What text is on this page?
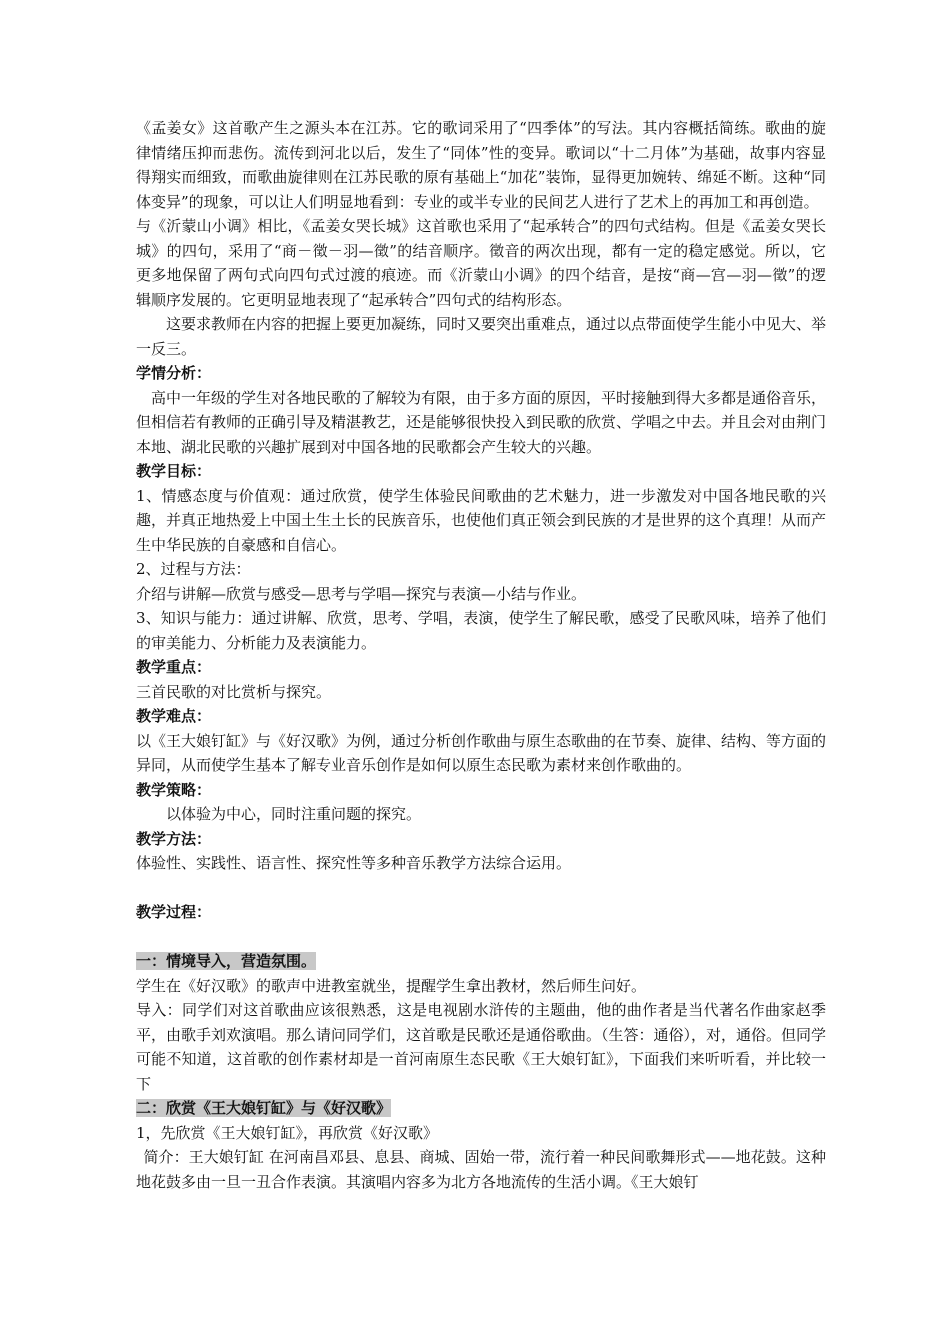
《孟姜女》这首歌产生之源头本在江苏。它的歌词采用了“四季体”的写法。其内容概括简练。歌曲的旋律情绪压抑而悲伤。流传到河北以后，发生了“同体”性的变异。歌词以“十二月体”为基础，故事内容显得翔实而细致，而歌曲旋律则在江苏民歌的原有基础上“加花”装饰，显得更加婉转、绵延不断。这种“同体变异”的现象，可以让人们明显地看到：专业的或半专业的民间艺人进行了艺术上的再加工和再创造。

与《沂蒙山小调》相比，《孟姜女哭长城》这首歌也采用了“起承转合”的四句式结构。但是《孟姜女哭长城》的四句，采用了“商－徵－羽—徵”的结音顺序。徵音的两次出现，都有一定的稳定感觉。所以，它更多地保留了两句式向四句式过渡的痕迹。而《沂蒙山小调》的四个结音，是按“商—宫—羽—徵”的逻辑顺序发展的。它更明显地表现了“起承转合”四句式的结构形态。

这要求教师在内容的把握上要更加凝练，同时又要突出重难点，通过以点带面使学生能小中见大、举一反三。

学情分析：

高中一年级的学生对各地民歌的了解较为有限，由于多方面的原因，平时接触到得大多都是通俗音乐，但相信若有教师的正确引导及精湛教艺，还是能够很快投入到民歌的欣赏、学唱之中去。并且会对由荆门本地、湖北民歌的兴趣扩展到对中国各地的民歌都会产生较大的兴趣。

教学目标：

1、情感态度与价值观：通过欣赏，使学生体验民间歌曲的艺术魅力，进一步激发对中国各地民歌的兴趣，并真正地热爱上中国土生土长的民族音乐，也使他们真正领会到民族的才是世界的这个真理！从而产生中华民族的自豪感和自信心。

2、过程与方法：

介绍与讲解—欣赏与感受—思考与学唱—探究与表演—小结与作业。

3、知识与能力：通过讲解、欣赏，思考、学唱，表演，使学生了解民歌，感受了民歌风味，培养了他们的审美能力、分析能力及表演能力。

教学重点：

三首民歌的对比赏析与探究。

教学难点：

以《王大娘钉缸》与《好汉歌》为例，通过分析创作歌曲与原生态歌曲的在节奏、旋律、结构、等方面的异同，从而使学生基本了解专业音乐创作是如何以原生态民歌为素材来创作歌曲的。

教学策略：

以体验为中心，同时注重问题的探究。

教学方法：

体验性、实践性、语言性、探究性等多种音乐教学方法综合运用。

教学过程：

一：情境导入，营造氛围。

学生在《好汉歌》的歌声中进教室就坐，提醒学生拿出教材，然后师生问好。

导入：同学们对这首歌曲应该很熟悉，这是电视剧水浒传的主题曲，他的曲作者是当代著名作曲家赵季平，由歌手刘欢演唱。那么请问同学们，这首歌是民歌还是通俗歌曲。（生答：通俗），对，通俗。但同学可能不知道，这首歌的创作素材却是一首河南原生态民歌《王大娘钉缸》，下面我们来听听看，并比较一下

二：欣赏《王大娘钉缸》与《好汉歌》

1，先欣赏《王大娘钉缸》，再欣赏《好汉歌》

简介：王大娘钉缸 在河南昌邓县、息县、商城、固始一带，流行着一种民间歌舞形式——地花鼓。这种地花鼓多由一旦一丑合作表演。其演唱内容多为北方各地流传的生活小调。《王大娘钉
